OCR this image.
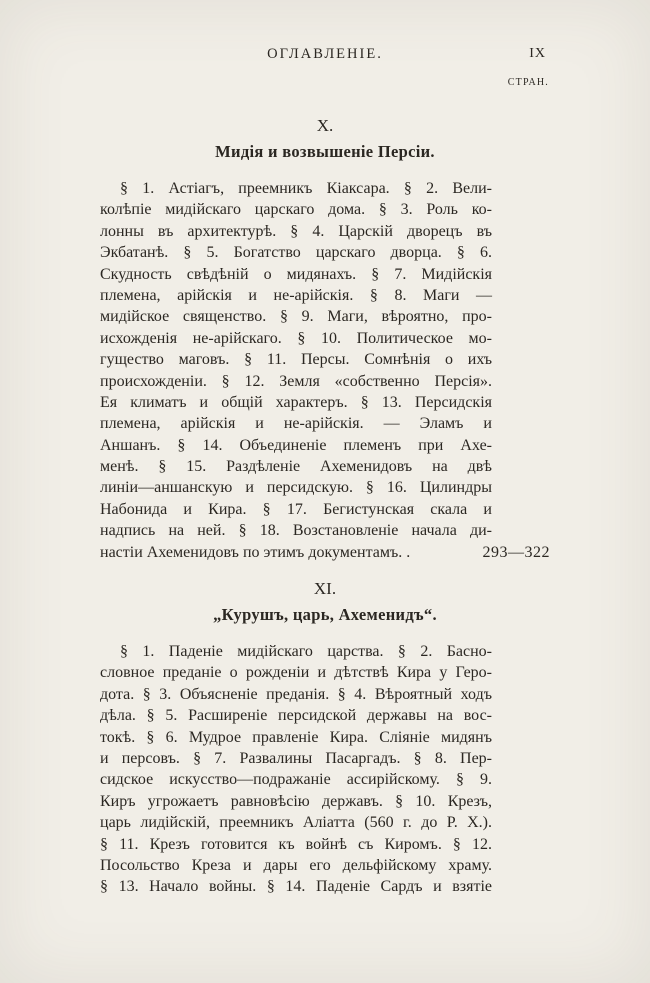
ОГЛАВЛЕНІЕ.	IX
СТРАН.
X.
Мидія и возвышеніе Персіи.
§ 1. Астіагъ, преемникъ Кіаксара. § 2. Вели-
колѣпіе мидійскаго царскаго дома. § 3. Роль ко-
лонны въ архитектурѣ. § 4. Царскій дворецъ въ
Экбатанѣ. § 5. Богатство царскаго дворца. § 6.
Скудность свѣдѣній о мидянахъ. § 7. Мидійскія
племена, арійскія и не-арійскія. § 8. Маги —
мидійское священство. § 9. Маги, вѣроятно, про-
исхожденія не-арійскаго. § 10. Политическое мо-
гущество маговъ. § 11. Персы. Сомнѣнія о ихъ
происхожденіи. § 12. Земля «собственно Персія».
Ея климатъ и общій характеръ. § 13. Персидскія
племена, арійскія и не-арійскія. — Эламъ и
Аншанъ. § 14. Объединеніе племенъ при Ахе-
менѣ. § 15. Раздѣленіе Ахеменидовъ на двѣ
линіи—аншанскую и персидскую. § 16. Цилиндры
Набонида и Кира. § 17. Бегистунская скала и
надпись на ней. § 18. Возстановленіе начала ди-
настіи Ахеменидовъ по этимъ документамъ. .	293—322
XI.
„Курушъ, царь, Ахеменидъ“.
§ 1. Паденіе мидійскаго царства. § 2. Басно-
словное преданіе о рожденіи и дѣтствѣ Кира у Геро-
дота. § 3. Объясненіе преданія. § 4. Вѣроятный ходъ
дѣла. § 5. Расширеніе персидской державы на вос-
токѣ. § 6. Мудрое правленіе Кира. Сліяніе мидянъ
и персовъ. § 7. Развалины Пасаргадъ. § 8. Пер-
сидское искусство—подражаніе ассирійскому. § 9.
Киръ угрожаетъ равновѣсію державъ. § 10. Крезъ,
царь лидійскій, преемникъ Аліатта (560 г. до Р. Х.).
§ 11. Крезъ готовится къ войнѣ съ Киромъ. § 12.
Посольство Креза и дары его дельфійскому храму.
§ 13. Начало войны. § 14. Паденіе Сардъ и взятіе
